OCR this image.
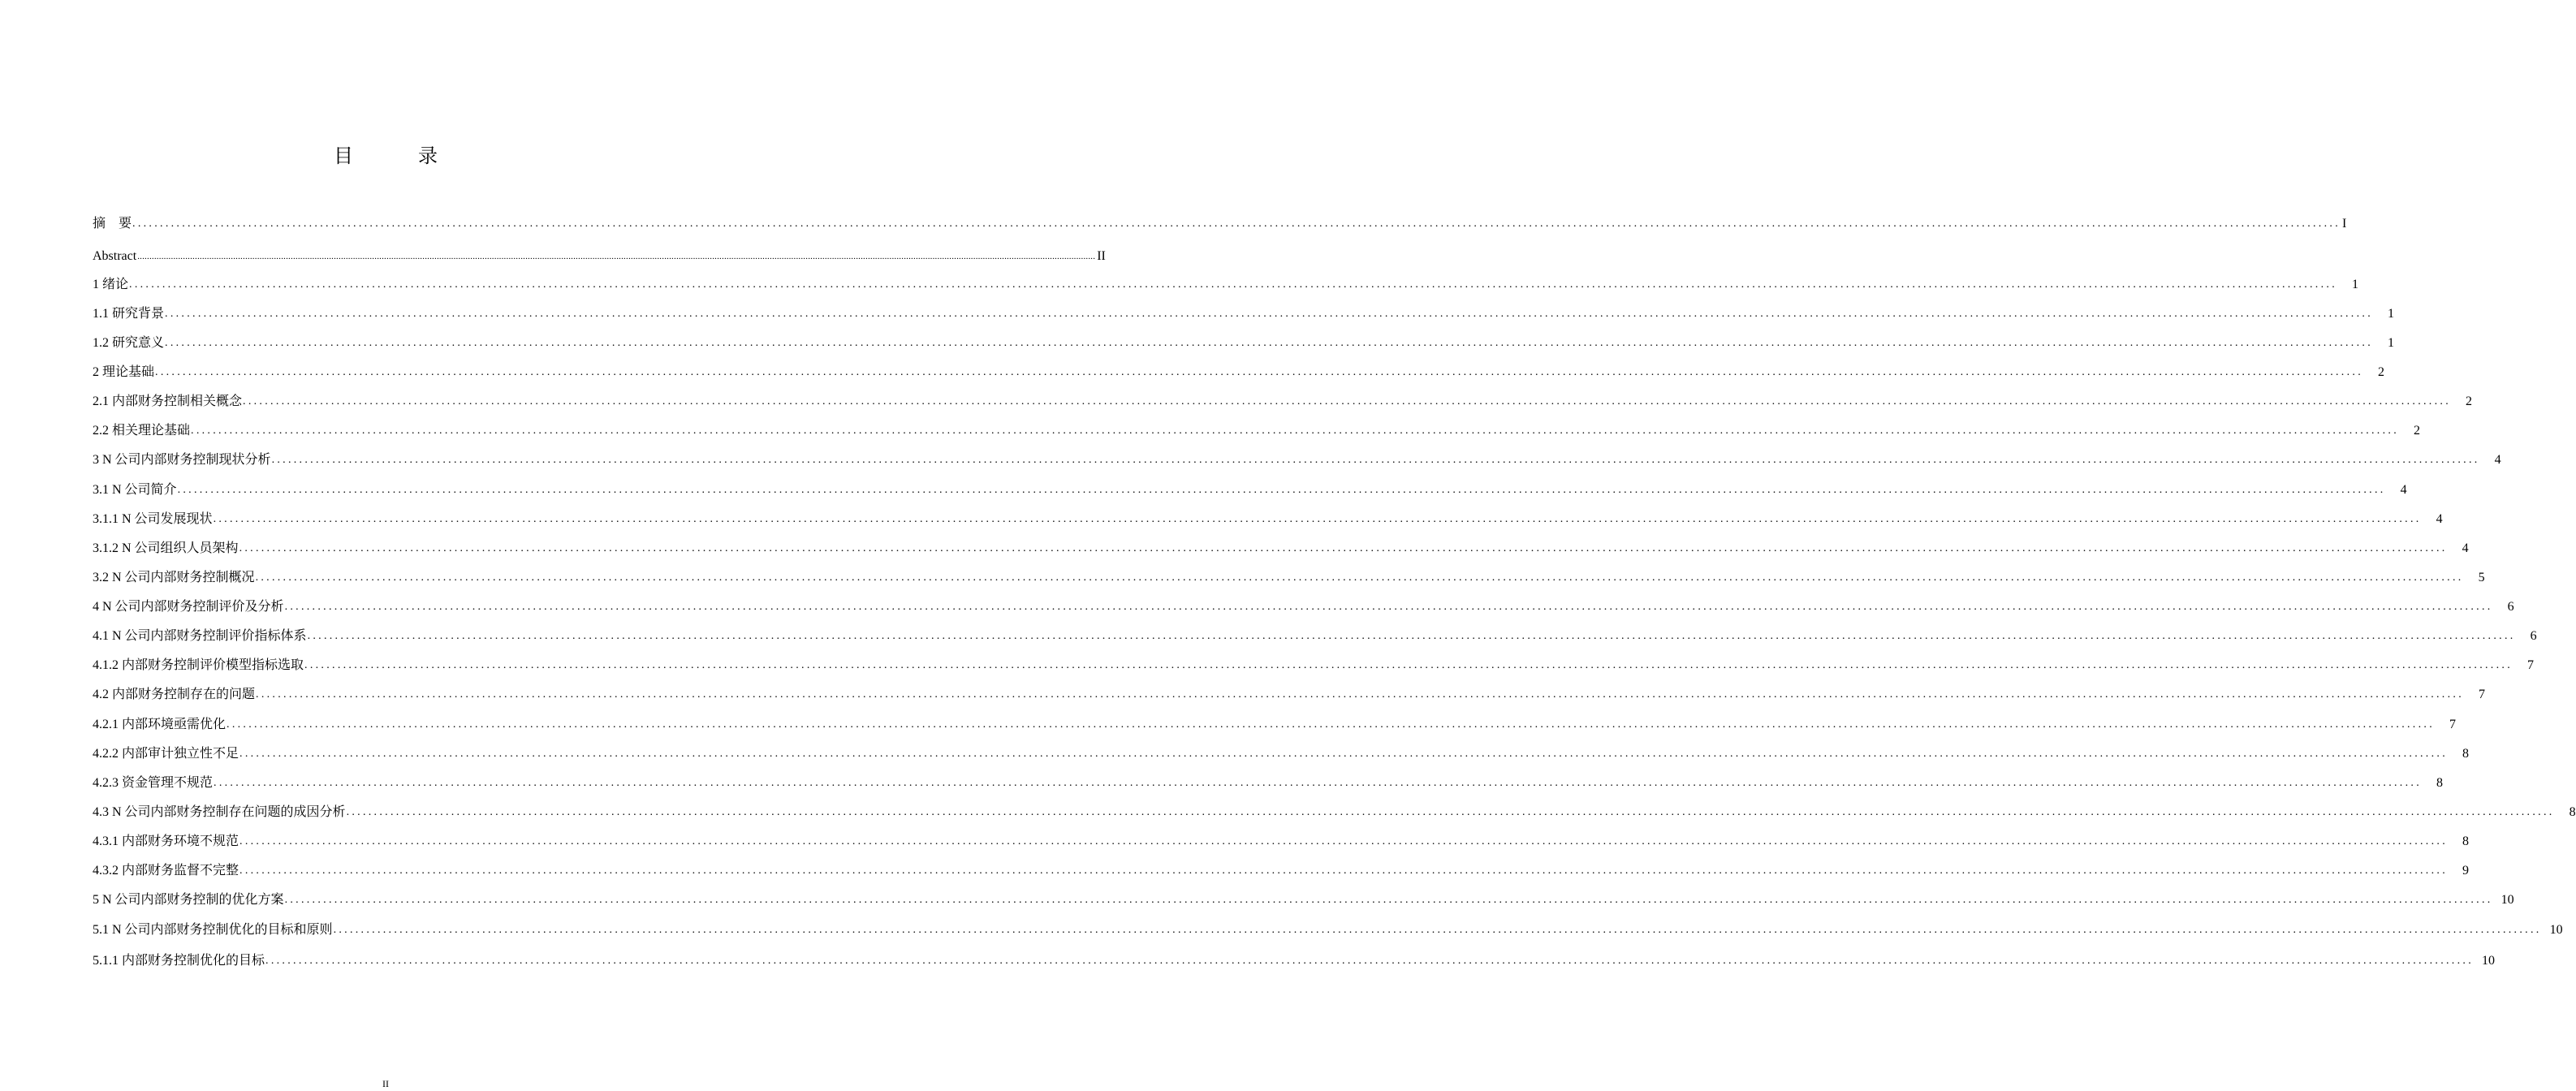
目　录
摘　要 ................................................................................................................................................................................................................................................................................................................................................................................................................ I
Abstract ................................................................................................................................................................................................................................................................................................................................................................................................................ II
1 绪论 ................................................................................................................................................................................................................................................................................................................................................................................................................	1
1.1 研究背景 ................................................................................................................................................................................................................................................................................................................................................................................................................	1
1.2 研究意义 ................................................................................................................................................................................................................................................................................................................................................................................................................	1
2 理论基础 ................................................................................................................................................................................................................................................................................................................................................................................................................	2
2.1 内部财务控制相关概念 ................................................................................................................................................................................................................................................................................................................................................................................................................	2
2.2 相关理论基础 ................................................................................................................................................................................................................................................................................................................................................................................................................	2
3 N 公司内部财务控制现状分析 ................................................................................................................................................................................................................................................................................................................................................................................................................	4
3.1 N 公司简介 ................................................................................................................................................................................................................................................................................................................................................................................................................	4
3.1.1 N 公司发展现状 ................................................................................................................................................................................................................................................................................................................................................................................................................	4
3.1.2 N 公司组织人员架构 ................................................................................................................................................................................................................................................................................................................................................................................................................	4
3.2 N 公司内部财务控制概况 ................................................................................................................................................................................................................................................................................................................................................................................................................	5
4 N 公司内部财务控制评价及分析 ................................................................................................................................................................................................................................................................................................................................................................................................................	6
4.1 N 公司内部财务控制评价指标体系 ................................................................................................................................................................................................................................................................................................................................................................................................................	6
4.1.2 内部财务控制评价模型指标选取 ................................................................................................................................................................................................................................................................................................................................................................................................................	7
4.2 内部财务控制存在的问题 ................................................................................................................................................................................................................................................................................................................................................................................................................	7
4.2.1 内部环境亟需优化 ................................................................................................................................................................................................................................................................................................................................................................................................................	7
4.2.2 内部审计独立性不足 ................................................................................................................................................................................................................................................................................................................................................................................................................	8
4.2.3 资金管理不规范 ................................................................................................................................................................................................................................................................................................................................................................................................................	8
4.3 N 公司内部财务控制存在问题的成因分析 ................................................................................................................................................................................................................................................................................................................................................................................................................	8
4.3.1 内部财务环境不规范 ................................................................................................................................................................................................................................................................................................................................................................................................................	8
4.3.2 内部财务监督不完整 ................................................................................................................................................................................................................................................................................................................................................................................................................	9
5 N 公司内部财务控制的优化方案 ................................................................................................................................................................................................................................................................................................................................................................................................................ 10
5.1 N 公司内部财务控制优化的目标和原则 ................................................................................................................................................................................................................................................................................................................................................................................................................ 10
5.1.1 内部财务控制优化的目标 ................................................................................................................................................................................................................................................................................................................................................................................................................ 10
II
